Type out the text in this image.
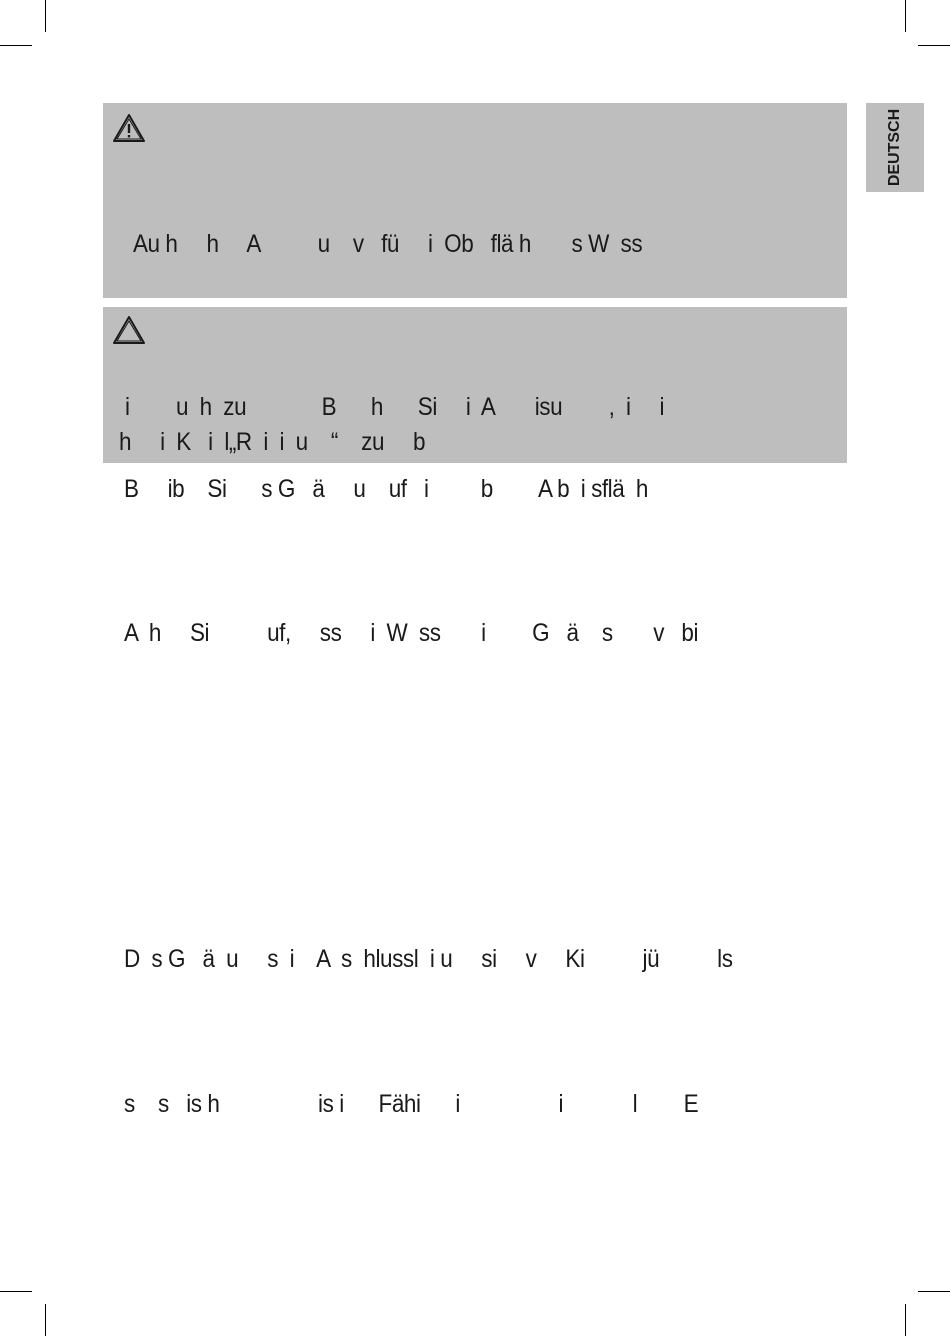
DEUTSCH

Au h     h     A          u    v   fü     i  Ob   flä h       s W  ss

i        u  h  zu             B      h      Si     i  A       isu        ,  i     i

h     i  K   i  l„R  i  i  u    “    zu     b

B     ib    Si      s G   ä     u    uf   i         b        A b  i sflä  h

A  h     Si          uf,     ss     i  W  ss       i        G   ä    s       v   bi

D  s G   ä  u     s  i    A  s  hlussl  i u     si     v     Ki          jü          ls

s    s   is h                 is i      Fähi      i                 i            l        E
